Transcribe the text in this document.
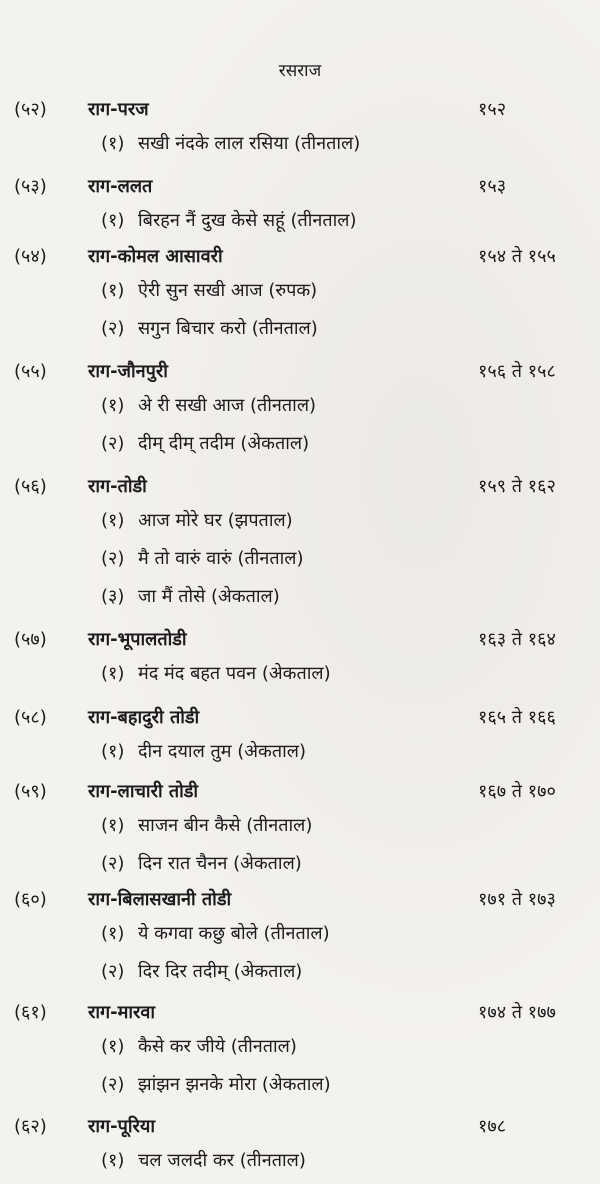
रसराज
(५२) राग-परज	१५२
(१) सखी नंदके लाल रसिया (तीनताल)
(५३) राग-ललत	१५३
(१) बिरहन नैं दुख केसे सहूं (तीनताल)
(५४) राग-कोमल आसावरी	१५४ ते १५५
(१) ऐरी सुन सखी आज (रुपक)
(२) सगुन बिचार करो (तीनताल)
(५५) राग-जौनपुरी	१५६ ते १५८
(१) अे री सखी आज (तीनताल)
(२) दीम् दीम् तदीम (अेकताल)
(५६) राग-तोडी	१५९ ते १६२
(१) आज मोरे घर (झपताल)
(२) मै तो वारुं वारुं (तीनताल)
(३) जा मैं तोसे (अेकताल)
(५७) राग-भूपालतोडी	१६३ ते १६४
(१) मंद मंद बहत पवन (अेकताल)
(५८) राग-बहादुरी तोडी	१६५ ते १६६
(१) दीन दयाल तुम (अेकताल)
(५९) राग-लाचारी तोडी	१६७ ते १७०
(१) साजन बीन कैसे (तीनताल)
(२) दिन रात चैनन (अेकताल)
(६०) राग-बिलासखानी तोडी	१७१ ते १७३
(१) ये कगवा कछु बोले (तीनताल)
(२) दिर दिर तदीम् (अेकताल)
(६१) राग-मारवा	१७४ ते १७७
(१) कैसे कर जीये (तीनताल)
(२) झांझन झनके मोरा (अेकताल)
(६२) राग-पूरिया	१७८
(१) चल जलदी कर (तीनताल)
